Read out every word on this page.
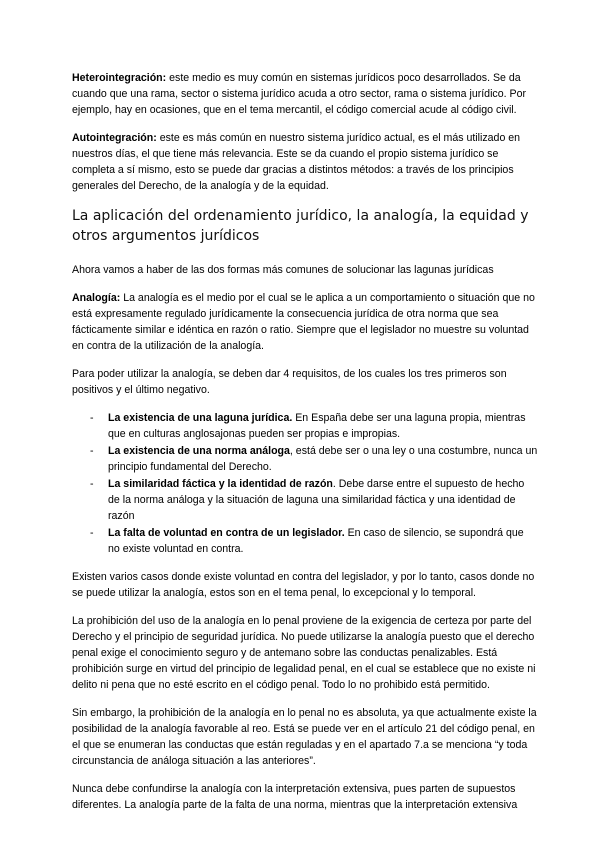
Heterointegración: este medio es muy común en sistemas jurídicos poco desarrollados. Se da cuando que una rama, sector o sistema jurídico acuda a otro sector, rama o sistema jurídico. Por ejemplo, hay en ocasiones, que en el tema mercantil, el código comercial acude al código civil.

Autointegración: este es más común en nuestro sistema jurídico actual, es el más utilizado en nuestros días, el que tiene más relevancia. Este se da cuando el propio sistema jurídico se completa a sí mismo, esto se puede dar gracias a distintos métodos: a través de los principios generales del Derecho, de la analogía y de la equidad.

La aplicación del ordenamiento jurídico, la analogía, la equidad y otros argumentos jurídicos

Ahora vamos a haber de las dos formas más comunes de solucionar las lagunas jurídicas

Analogía: La analogía es el medio por el cual se le aplica a un comportamiento o situación que no está expresamente regulado jurídicamente la consecuencia jurídica de otra norma que sea fácticamente similar e idéntica en razón o ratio. Siempre que el legislador no muestre su voluntad en contra de la utilización de la analogía.

Para poder utilizar la analogía, se deben dar 4 requisitos, de los cuales los tres primeros son positivos y el último negativo.

- La existencia de una laguna jurídica. En España debe ser una laguna propia, mientras que en culturas anglosajonas pueden ser propias e impropias.
- La existencia de una norma análoga, está debe ser o una ley o una costumbre, nunca un principio fundamental del Derecho.
- La similaridad fáctica y la identidad de razón. Debe darse entre el supuesto de hecho de la norma análoga y la situación de laguna una similaridad fáctica y una identidad de razón
- La falta de voluntad en contra de un legislador. En caso de silencio, se supondrá que no existe voluntad en contra.

Existen varios casos donde existe voluntad en contra del legislador, y por lo tanto, casos donde no se puede utilizar la analogía, estos son en el tema penal, lo excepcional y lo temporal.

La prohibición del uso de la analogía en lo penal proviene de la exigencia de certeza por parte del Derecho y el principio de seguridad jurídica. No puede utilizarse la analogía puesto que el derecho penal exige el conocimiento seguro y de antemano sobre las conductas penalizables. Está prohibición surge en virtud del principio de legalidad penal, en el cual se establece que no existe ni delito ni pena que no esté escrito en el código penal. Todo lo no prohibido está permitido.

Sin embargo, la prohibición de la analogía en lo penal no es absoluta, ya que actualmente existe la posibilidad de la analogía favorable al reo. Está se puede ver en el artículo 21 del código penal, en el que se enumeran las conductas que están reguladas y en el apartado 7.a se menciona “y toda circunstancia de análoga situación a las anteriores”.

Nunca debe confundirse la analogía con la interpretación extensiva, pues parten de supuestos diferentes. La analogía parte de la falta de una norma, mientras que la interpretación extensiva
